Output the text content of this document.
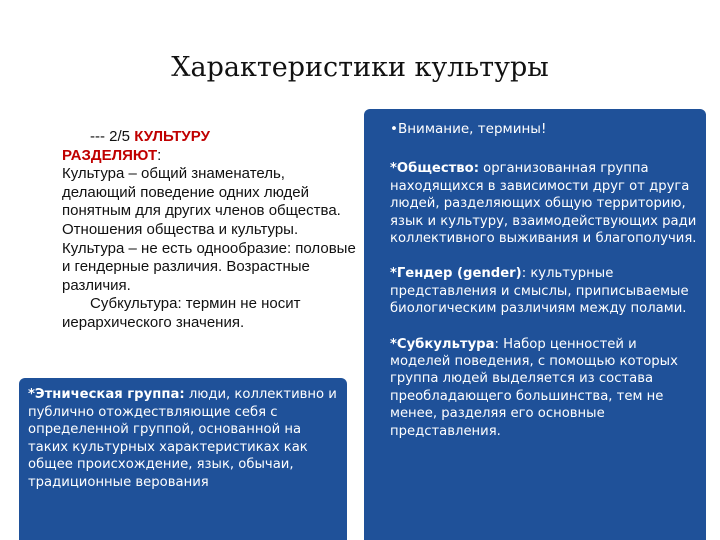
Характеристики культуры

--- 2/5 КУЛЬТУРУ

РАЗДЕЛЯЮТ:

Культура – общий знаменатель, делающий поведение одних людей понятным для других членов общества. Отношения общества и культуры. Культура – не есть однообразие: половые и гендерные различия. Возрастные различия.

Субкультура: термин не носит иерархического значения.

*Этническая группа: люди, коллективно и

публично отождествляющие себя с

определенной группой, основанной на

таких культурных характеристиках как

общее происхождение, язык, обычаи,

традиционные верования

•Внимание, термины!

*Общество: организованная группа находящихся в зависимости друг от друга людей, разделяющих общую территорию, язык и культуру, взаимодействующих ради коллективного выживания и благополучия.

*Гендер (gender): культурные представления и смыслы, приписываемые биологическим различиям между полами.

*Субкультура: Набор ценностей и моделей поведения, с помощью которых группа людей выделяется из состава преобладающего большинства, тем не менее, разделяя его основные представления.
